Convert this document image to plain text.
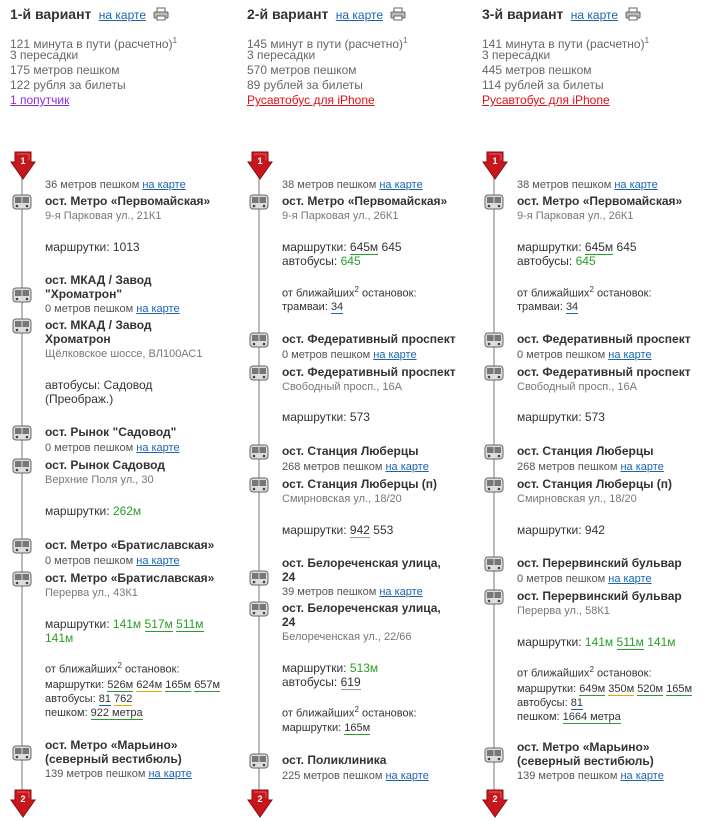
1-й вариант на карте
121 минута в пути (расчетно)$^1$
3 пересадки
175 метров пешком
122 рубля за билеты
1 попутчик
1
36 метров пешком на карте
ост. Метро «Первомайская»
9-я Парковая ул., 21К1
маршрутки: 1013
ост. МКАД / Завод
"Хроматрон"
0 метров пешком на карте
ост. МКАД / Завод
Хроматрон
Щёлковское шоссе, ВЛ100АС1
автобусы: Садовод
(Преображ.)
ост. Рынок "Садовод"
0 метров пешком на карте
ост. Рынок Садовод
Верхние Поля ул., 30
маршрутки: 262м
ост. Метро «Братиславская»
0 метров пешком на карте
ост. Метро «Братиславская»
Перерва ул., 43К1
маршрутки: 141м 517м 511м
141м
от ближайших$^2$ остановок:
маршрутки: 526м 624м 165м 657м
автобусы: 81 762
пешком: 922 метра
ост. Метро «Марьино»
(северный вестибюль)
139 метров пешком на карте
2
2-й вариант на карте
145 минут в пути (расчетно)$^1$
3 пересадки
570 метров пешком
89 рублей за билеты
Русавтобус для iPhone
1
38 метров пешком на карте
ост. Метро «Первомайская»
9-я Парковая ул., 26К1
маршрутки: 645м 645
автобусы: 645
от ближайших$^2$ остановок:
трамваи: 34
ост. Федеративный проспект
0 метров пешком на карте
ост. Федеративный проспект
Свободный просп., 16А
маршрутки: 573
ост. Станция Люберцы
268 метров пешком на карте
ост. Станция Люберцы (п)
Смирновская ул., 18/20
маршрутки: 942 553
ост. Белореченская улица,
24
39 метров пешком на карте
ост. Белореченская улица,
24
Белореченская ул., 22/66
маршрутки: 513м
автобусы: 619
от ближайших$^2$ остановок:
маршрутки: 165м
ост. Поликлиника
225 метров пешком на карте
2
3-й вариант на карте
141 минута в пути (расчетно)$^1$
3 пересадки
445 метров пешком
114 рублей за билеты
Русавтобус для iPhone
1
38 метров пешком на карте
ост. Метро «Первомайская»
9-я Парковая ул., 26К1
маршрутки: 645м 645
автобусы: 645
от ближайших$^2$ остановок:
трамваи: 34
ост. Федеративный проспект
0 метров пешком на карте
ост. Федеративный проспект
Свободный просп., 16А
маршрутки: 573
ост. Станция Люберцы
268 метров пешком на карте
ост. Станция Люберцы (п)
Смирновская ул., 18/20
маршрутки: 942
ост. Перервинский бульвар
0 метров пешком на карте
ост. Перервинский бульвар
Перерва ул., 58К1
маршрутки: 141м 511м 141м
от ближайших$^2$ остановок:
маршрутки: 649м 350м 520м 165м
автобусы: 81
пешком: 1664 метра
ост. Метро «Марьино»
(северный вестибюль)
139 метров пешком на карте
2
